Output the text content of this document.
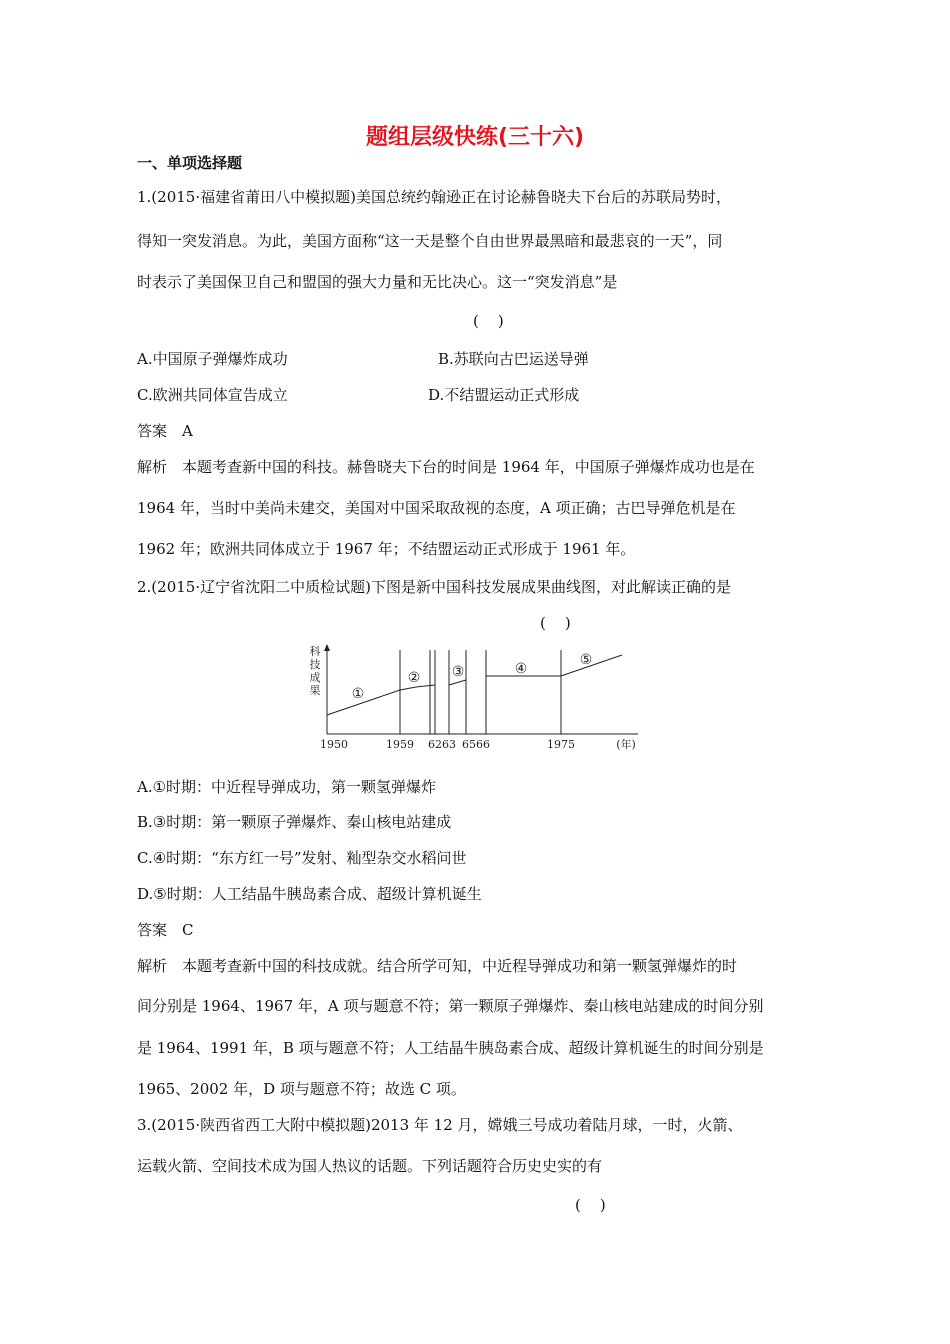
题组层级快练(三十六)
一、单项选择题
1.(2015·福建省莆田八中模拟题)美国总统约翰逊正在讨论赫鲁晓夫下台后的苏联局势时，
得知一突发消息。为此，美国方面称“这一天是整个自由世界最黑暗和最悲哀的一天”，同
时表示了美国保卫自己和盟国的强大力量和无比决心。这一“突发消息”是
(    )
A.中国原子弹爆炸成功	B.苏联向古巴运送导弹
C.欧洲共同体宣告成立	D.不结盟运动正式形成
答案　A
解析　本题考查新中国的科技。赫鲁晓夫下台的时间是 1964 年，中国原子弹爆炸成功也是在
1964 年，当时中美尚未建交，美国对中国采取敌视的态度，A 项正确；古巴导弹危机是在
1962 年；欧洲共同体成立于 1967 年；不结盟运动正式形成于 1961 年。
2.(2015·辽宁省沈阳二中质检试题)下图是新中国科技发展成果曲线图，对此解读正确的是
(    )
科
技
成
果 ①
② ③	④
⑤
1950	1959 6263 6566	1975	(年)
A.①时期：中近程导弹成功，第一颗氢弹爆炸
B.③时期：第一颗原子弹爆炸、秦山核电站建成
C.④时期：“东方红一号”发射、籼型杂交水稻问世
D.⑤时期：人工结晶牛胰岛素合成、超级计算机诞生
答案　C
解析　本题考查新中国的科技成就。结合所学可知，中近程导弹成功和第一颗氢弹爆炸的时
间分别是 1964、1967 年，A 项与题意不符；第一颗原子弹爆炸、秦山核电站建成的时间分别
是 1964、1991 年，B 项与题意不符；人工结晶牛胰岛素合成、超级计算机诞生的时间分别是
1965、2002 年，D 项与题意不符；故选 C 项。
3.(2015·陕西省西工大附中模拟题)2013 年 12 月，嫦娥三号成功着陆月球，一时，火箭、
运载火箭、空间技术成为国人热议的话题。下列话题符合历史史实的有
(    )
